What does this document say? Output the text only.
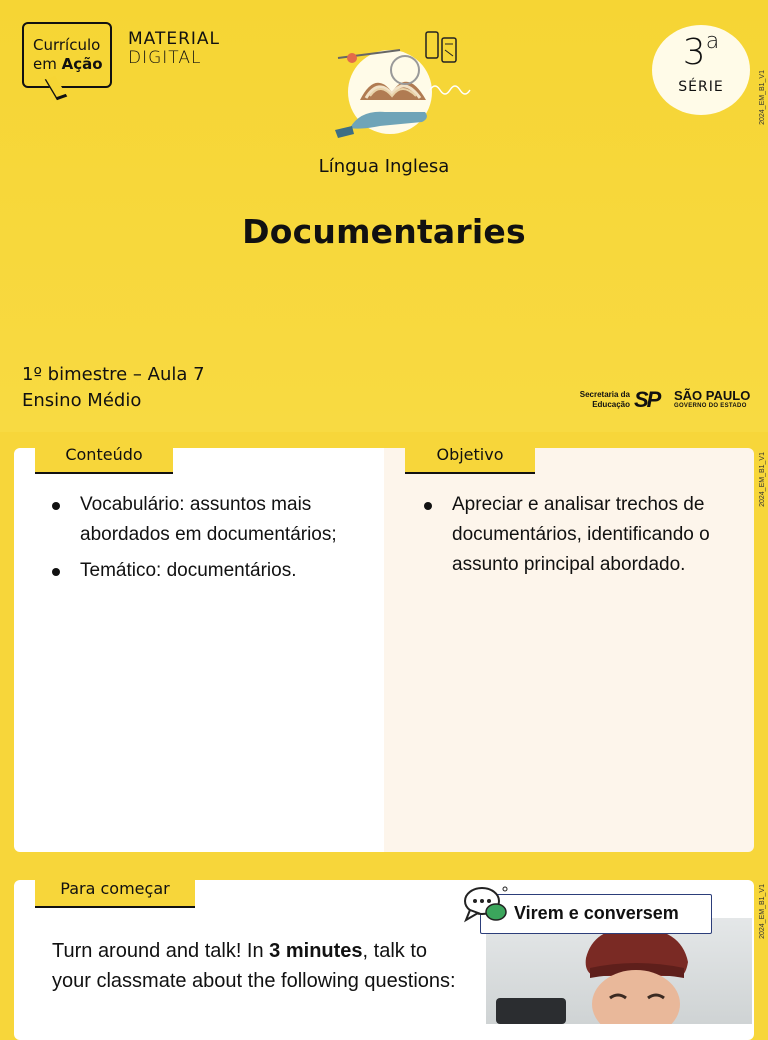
Currículo
em Ação
MATERIAL
DIGITAL	3$^a$
SÉRIE	2024_EM_B1_V1
Língua Inglesa
Documentaries
1º bimestre – Aula 7
Ensino Médio	Secretaria da
Educação SP SÃO PAULO
GOVERNO DO ESTADO
Conteúdo	Objetivo
Vocabulário: assuntos mais abordados em documentários;
Temático: documentários.
Apreciar e analisar trechos de documentários, identificando o assunto principal abordado.
2024_EM_B1_V1
Para começar
Turn around and talk! In 3 minutes, talk to your classmate about the following questions:
Virem e conversem	2024_EM_B1_V1
